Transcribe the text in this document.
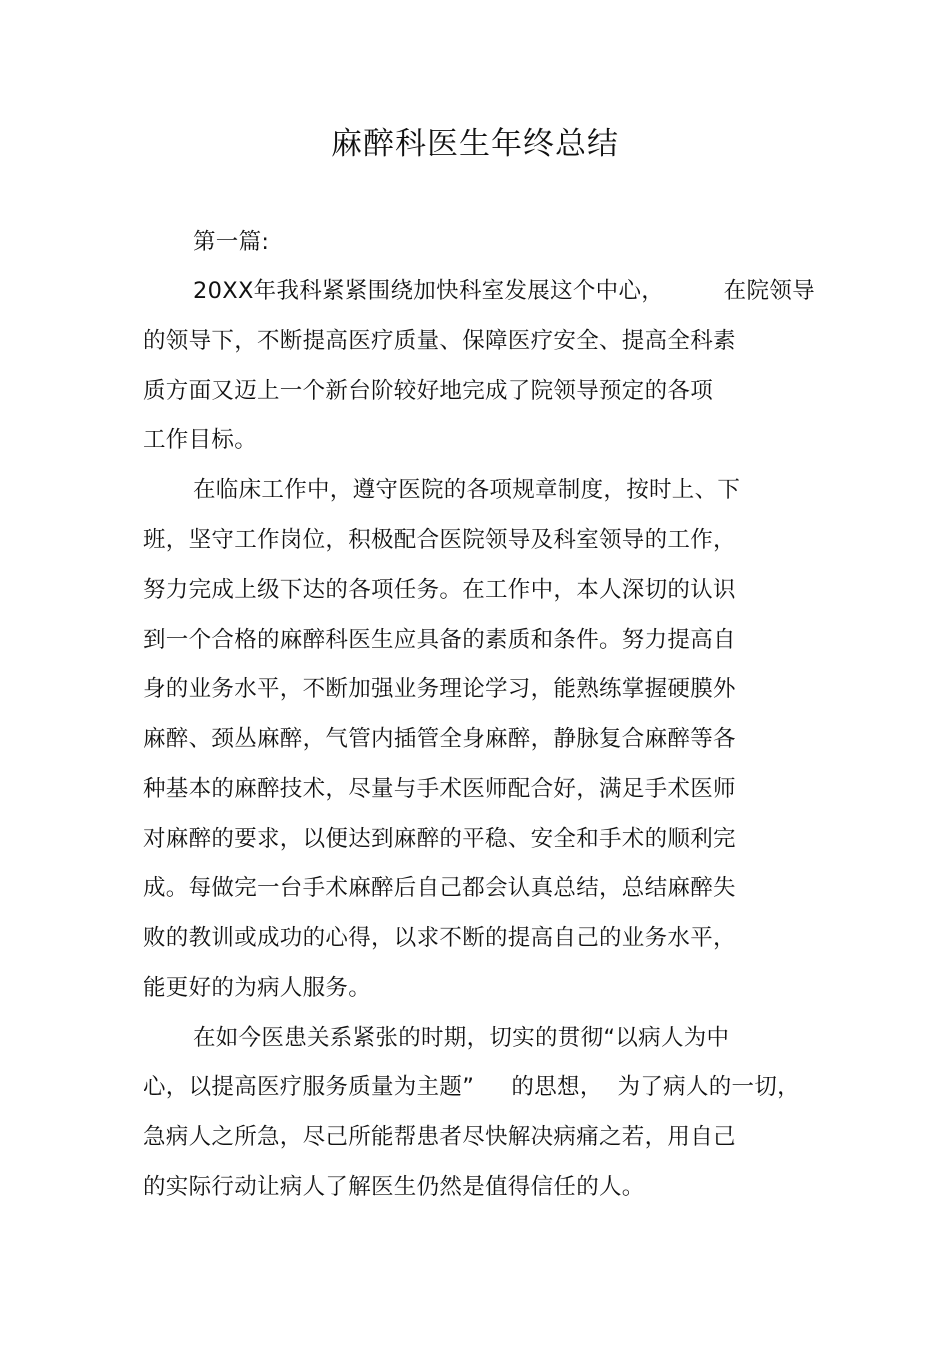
麻醉科医生年终总结
第一篇:
20XX年我科紧紧围绕加快科室发展这个中心，        在院领导
的领导下，不断提高医疗质量、保障医疗安全、提高全科素
质方面又迈上一个新台阶较好地完成了院领导预定的各项
工作目标。
在临床工作中，遵守医院的各项规章制度，按时上、下
班，坚守工作岗位，积极配合医院领导及科室领导的工作，
努力完成上级下达的各项任务。在工作中，本人深切的认识
到一个合格的麻醉科医生应具备的素质和条件。努力提高自
身的业务水平，不断加强业务理论学习，能熟练掌握硬膜外
麻醉、颈丛麻醉，气管内插管全身麻醉，静脉复合麻醉等各
种基本的麻醉技术，尽量与手术医师配合好，满足手术医师
对麻醉的要求，以便达到麻醉的平稳、安全和手术的顺利完
成。每做完一台手术麻醉后自己都会认真总结，总结麻醉失
败的教训或成功的心得，以求不断的提高自己的业务水平，
能更好的为病人服务。
在如今医患关系紧张的时期，切实的贯彻“以病人为中
心，以提高医疗服务质量为主题”     的思想，  为了病人的一切，
急病人之所急，尽己所能帮患者尽快解决病痛之若，用自己
的实际行动让病人了解医生仍然是值得信任的人。
